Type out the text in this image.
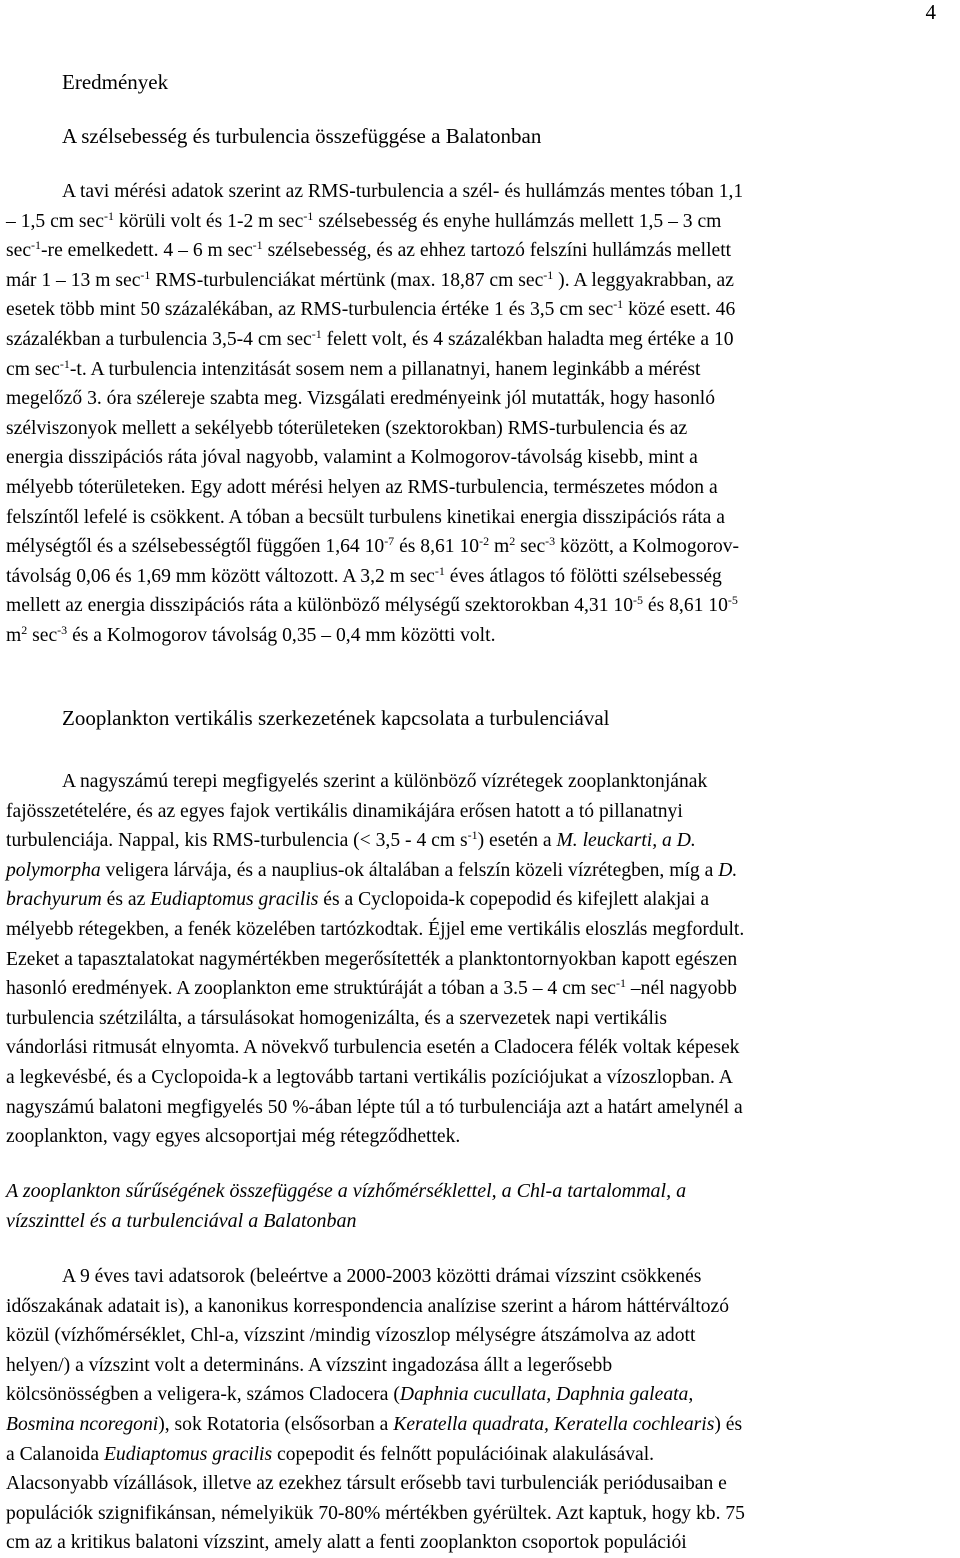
4
Eredmények
A szélsebesség és turbulencia összefüggése a Balatonban

A tavi mérési adatok szerint az RMS-turbulencia a szél- és hullámzás mentes tóban 1,1
– 1,5 cm $\sec^{-1}$ körüli volt és 1-2 m $\sec^{-1}$ szélsebesség és enyhe hullámzás mellett 1,5 – 3 cm
$\sec^{-1}-re$ emelkedett. 4 – 6 m $\sec^{-1}$ szélsebesség, és az ehhez tartozó felszíni hullámzás mellett
már 1 – 13 m $\sec^{-1}$ RMS-turbulenciákat mértünk (max. 18,87 cm $\sec^{-1}$ ). A leggyakrabban, az
esetek több mint 50 százalékában, az RMS-turbulencia értéke 1 és 3,5 cm $\sec^{-1}$ közé esett. 46
százalékban a turbulencia 3,5-4 cm $\sec^{-1}$ felett volt, és 4 százalékban haladta meg értéke a 10
cm $\sec^{-1}-t$. A turbulencia intenzitását sosem nem a pillanatnyi, hanem leginkább a mérést
megelőző 3. óra szélereje szabta meg. Vizsgálati eredményeink jól mutatták, hogy hasonló
szélviszonyok mellett a sekélyebb tóterületeken (szektorokban) RMS-turbulencia és az
energia disszipációs ráta jóval nagyobb, valamint a Kolmogorov-távolság kisebb, mint a
mélyebb tóterületeken. Egy adott mérési helyen az RMS-turbulencia, természetes módon a
felszíntől lefelé is csökkent. A tóban a becsült turbulens kinetikai energia disszipációs ráta a
mélységtől és a szélsebességtől függően 1,64 $10^{-7}$ és 8,61 $10^{-2}$ $m^2$ $\sec^{-3}$ között, a Kolmogorov-
távolság 0,06 és 1,69 mm között változott. A 3,2 m $\sec^{-1}$ éves átlagos tó fölötti szélsebesség
mellett az energia disszipációs ráta a különböző mélységű szektorokban 4,31 $10^{-5}$ és 8,61 $10^{-5}$
$m^2$ $\sec^{-3}$ és a Kolmogorov távolság 0,35 – 0,4 mm közötti volt.

Zooplankton vertikális szerkezetének kapcsolata a turbulenciával

A nagyszámú terepi megfigyelés szerint a különböző vízrétegek zooplanktonjának
fajösszetételére, és az egyes fajok vertikális dinamikájára erősen hatott a tó pillanatnyi
turbulenciája. Nappal, kis RMS-turbulencia (< 3,5 - 4 cm $s^{-1}$) esetén a M. leuckarti, a D.
polymorpha veligera lárvája, és a nauplius-ok általában a felszín közeli vízrétegben, míg a D.
brachyurum és az Eudiaptomus gracilis és a Cyclopoida-k copepodid és kifejlett alakjai a
mélyebb rétegekben, a fenék közelében tartózkodtak. Éjjel eme vertikális eloszlás megfordult.
Ezeket a tapasztalatokat nagymértékben megerősítették a planktontornyokban kapott egészen
hasonló eredmények. A zooplankton eme struktúráját a tóban a 3.5 – 4 cm $\sec^{-1}$ –nél nagyobb
turbulencia szétzilálta, a társulásokat homogenizálta, és a szervezetek napi vertikális
vándorlási ritmusát elnyomta. A növekvő turbulencia esetén a Cladocera félék voltak képesek
a legkevésbé, és a Cyclopoida-k a legtovább tartani vertikális pozíciójukat a vízoszlopban. A
nagyszámú balatoni megfigyelés 50 %-ában lépte túl a tó turbulenciája azt a határt amelynél a
zooplankton, vagy egyes alcsoportjai még rétegződhettek.

A zooplankton sűrűségének összefüggése a vízhőmérséklettel, a Chl-a tartalommal, a
vízszinttel és a turbulenciával a Balatonban

A 9 éves tavi adatsorok (beleértve a 2000-2003 közötti drámai vízszint csökkenés
időszakának adatait is), a kanonikus korrespondencia analízise szerint a három háttérváltozó
közül (vízhőmérséklet, Chl-a, vízszint /mindig vízoszlop mélységre átszámolva az adott
helyen/) a vízszint volt a determináns. A vízszint ingadozása állt a legerősebb
kölcsönösségben a veligera-k, számos Cladocera (Daphnia cucullata, Daphnia galeata,
Bosmina ncoregoni), sok Rotatoria (elsősorban a Keratella quadrata, Keratella cochlearis) és
a Calanoida Eudiaptomus gracilis copepodit és felnőtt populációinak alakulásával.
Alacsonyabb vízállások, illetve az ezekhez társult erősebb tavi turbulenciák periódusaiban e
populációk szignifikánsan, némelyikük 70-80% mértékben gyérültek. Azt kaptuk, hogy kb. 75
cm az a kritikus balatoni vízszint, amely alatt a fenti zooplankton csoportok populációi
